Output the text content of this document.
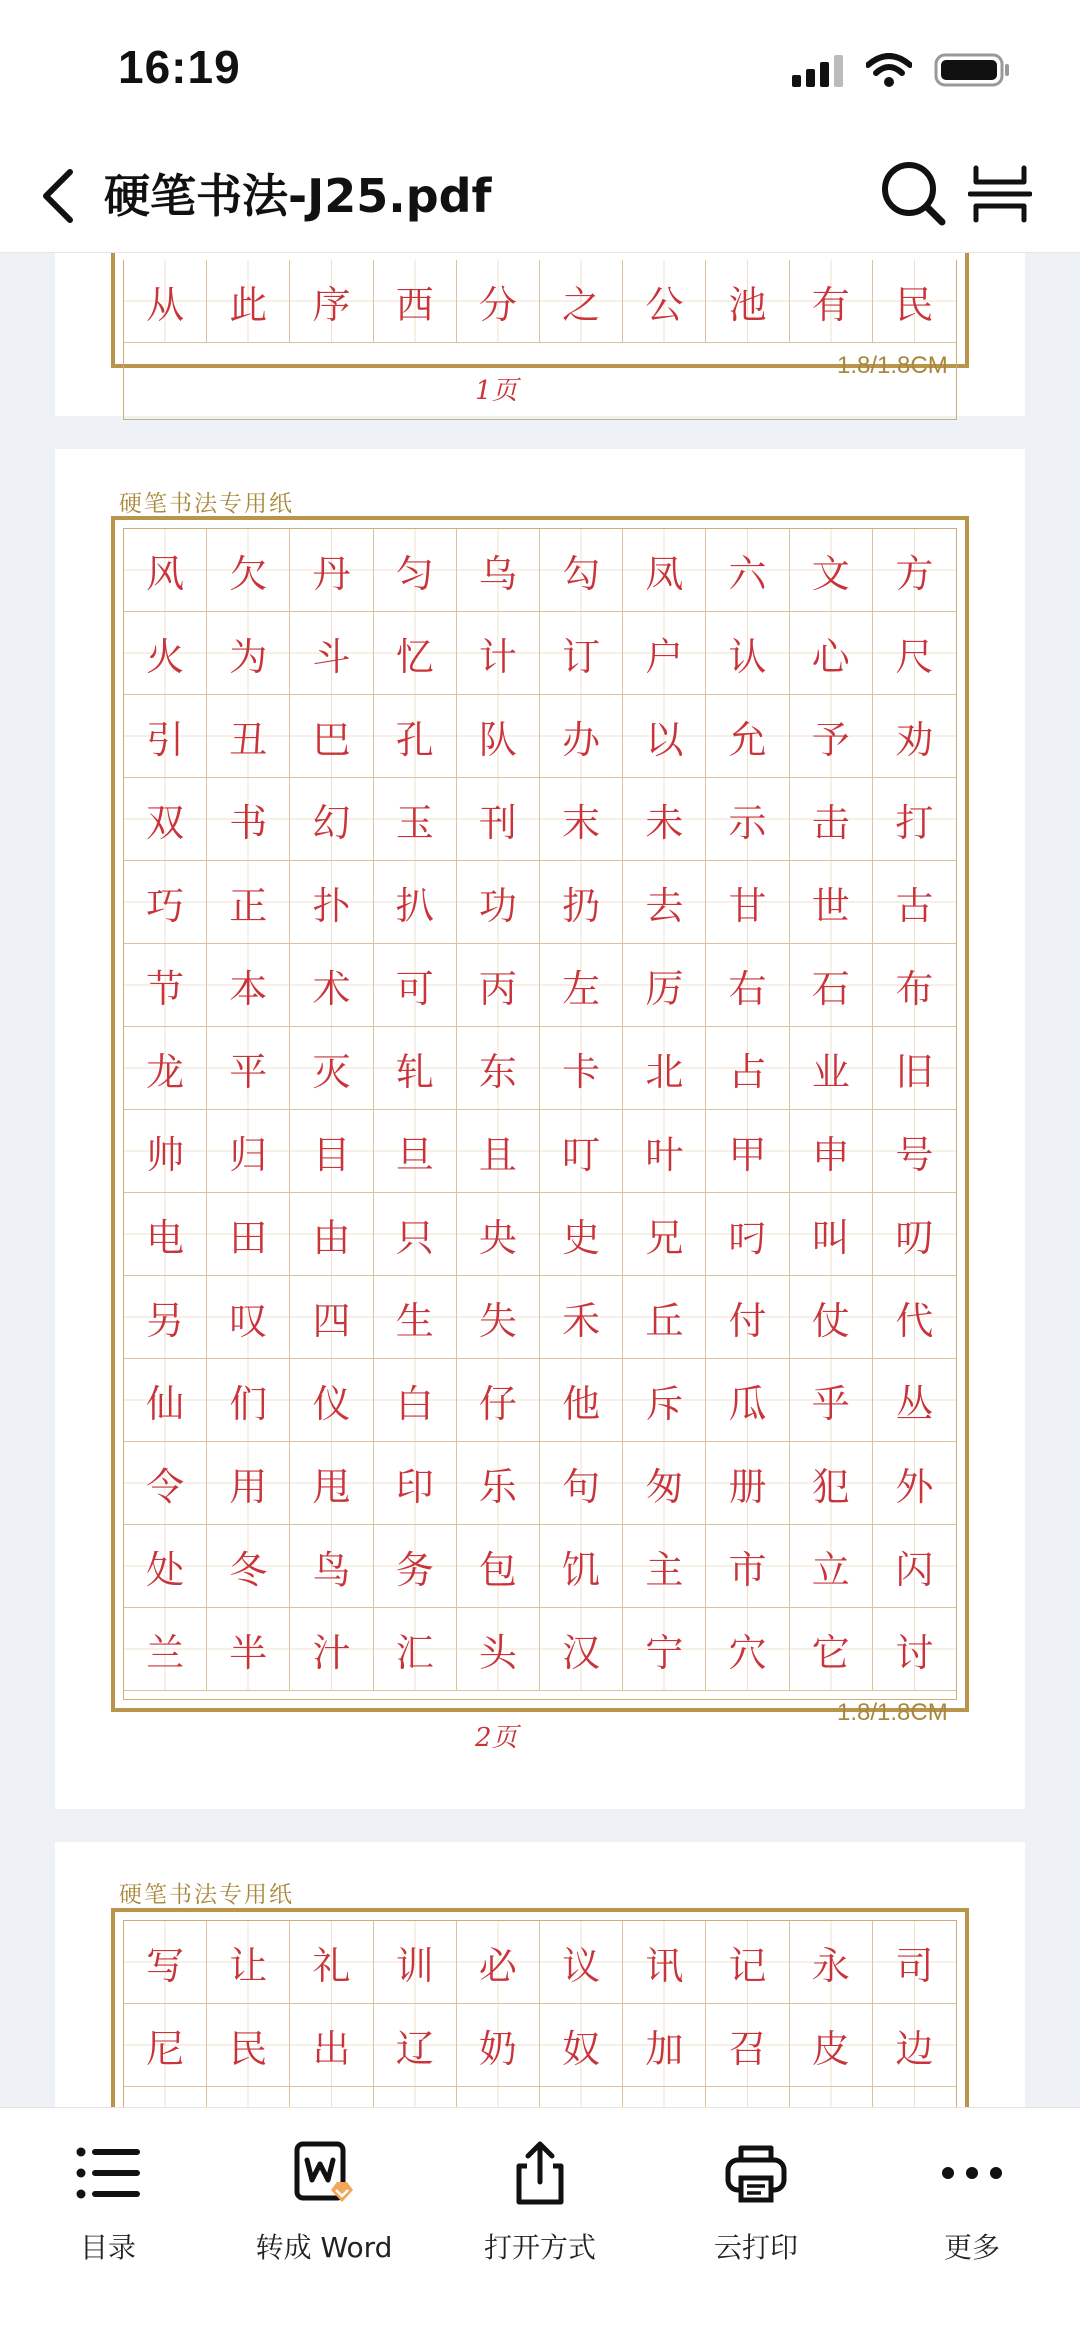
16:19
硬笔书法-J25.pdf
从	此	序	西	分	之	公	池	有	民
1页
1.8/1.8CM
硬笔书法专用纸
风	欠	丹	匀	乌	勾	凤	六	文	方
火	为	斗	忆	计	订	户	认	心	尺
引	丑	巴	孔	队	办	以	允	予	劝
双	书	幻	玉	刊	末	未	示	击	打
巧	正	扑	扒	功	扔	去	甘	世	古
节	本	术	可	丙	左	厉	右	石	布
龙	平	灭	轧	东	卡	北	占	业	旧
帅	归	目	旦	且	叮	叶	甲	申	号
电	田	由	只	央	史	兄	叼	叫	叨
另	叹	四	生	失	禾	丘	付	仗	代
仙	们	仪	白	仔	他	斥	瓜	乎	丛
令	用	甩	印	乐	句	匆	册	犯	外
处	冬	鸟	务	包	饥	主	市	立	闪
兰	半	汁	汇	头	汉	宁	穴	它	讨
2页
1.8/1.8CM
硬笔书法专用纸
写	让	礼	训	必	议	讯	记	永	司
尼	民	出	辽	奶	奴	加	召	皮	边
目录	转成 Word	打开方式	云打印	更多
